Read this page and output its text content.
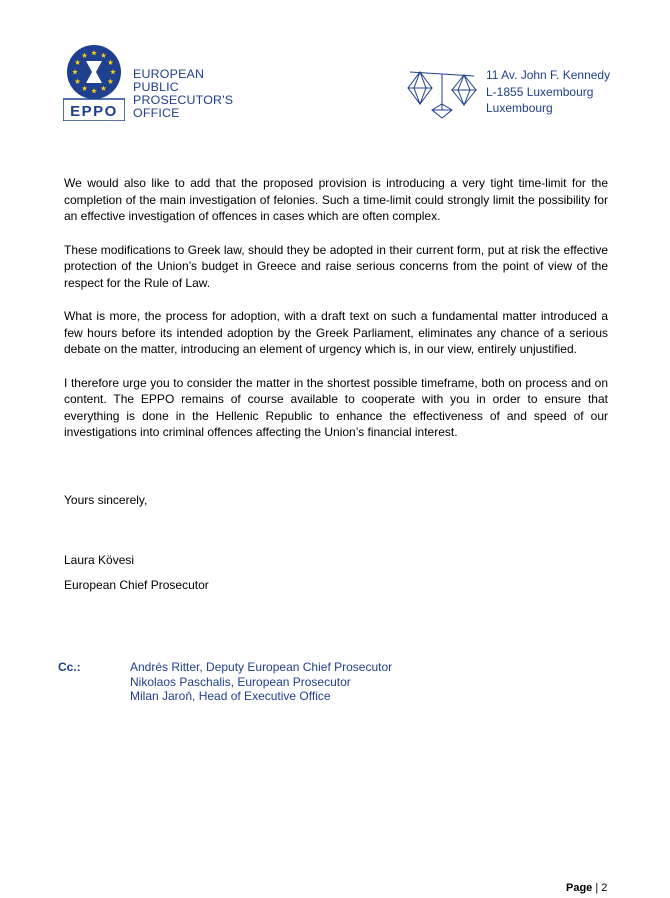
EPPO
EUROPEAN
PUBLIC
PROSECUTOR'S
OFFICE
11 Av. John F. Kennedy
L-1855 Luxembourg
Luxembourg

We would also like to add that the proposed provision is introducing a very tight time-limit for the completion of the main investigation of felonies. Such a time-limit could strongly limit the possibility for an effective investigation of offences in cases which are often complex.

These modifications to Greek law, should they be adopted in their current form, put at risk the effective protection of the Union’s budget in Greece and raise serious concerns from the point of view of the respect for the Rule of Law.

What is more, the process for adoption, with a draft text on such a fundamental matter introduced a few hours before its intended adoption by the Greek Parliament, eliminates any chance of a serious debate on the matter, introducing an element of urgency which is, in our view, entirely unjustified.

I therefore urge you to consider the matter in the shortest possible timeframe, both on process and on content. The EPPO remains of course available to cooperate with you in order to ensure that everything is done in the Hellenic Republic to enhance the effectiveness of and speed of our investigations into criminal offences affecting the Union’s financial interest.

Yours sincerely,
Laura Kövesi
European Chief Prosecutor
Cc.:	Andrés Ritter, Deputy European Chief Prosecutor
Nikolaos Paschalis, European Prosecutor
Milan Jaroň, Head of Executive Office
Page | 2
